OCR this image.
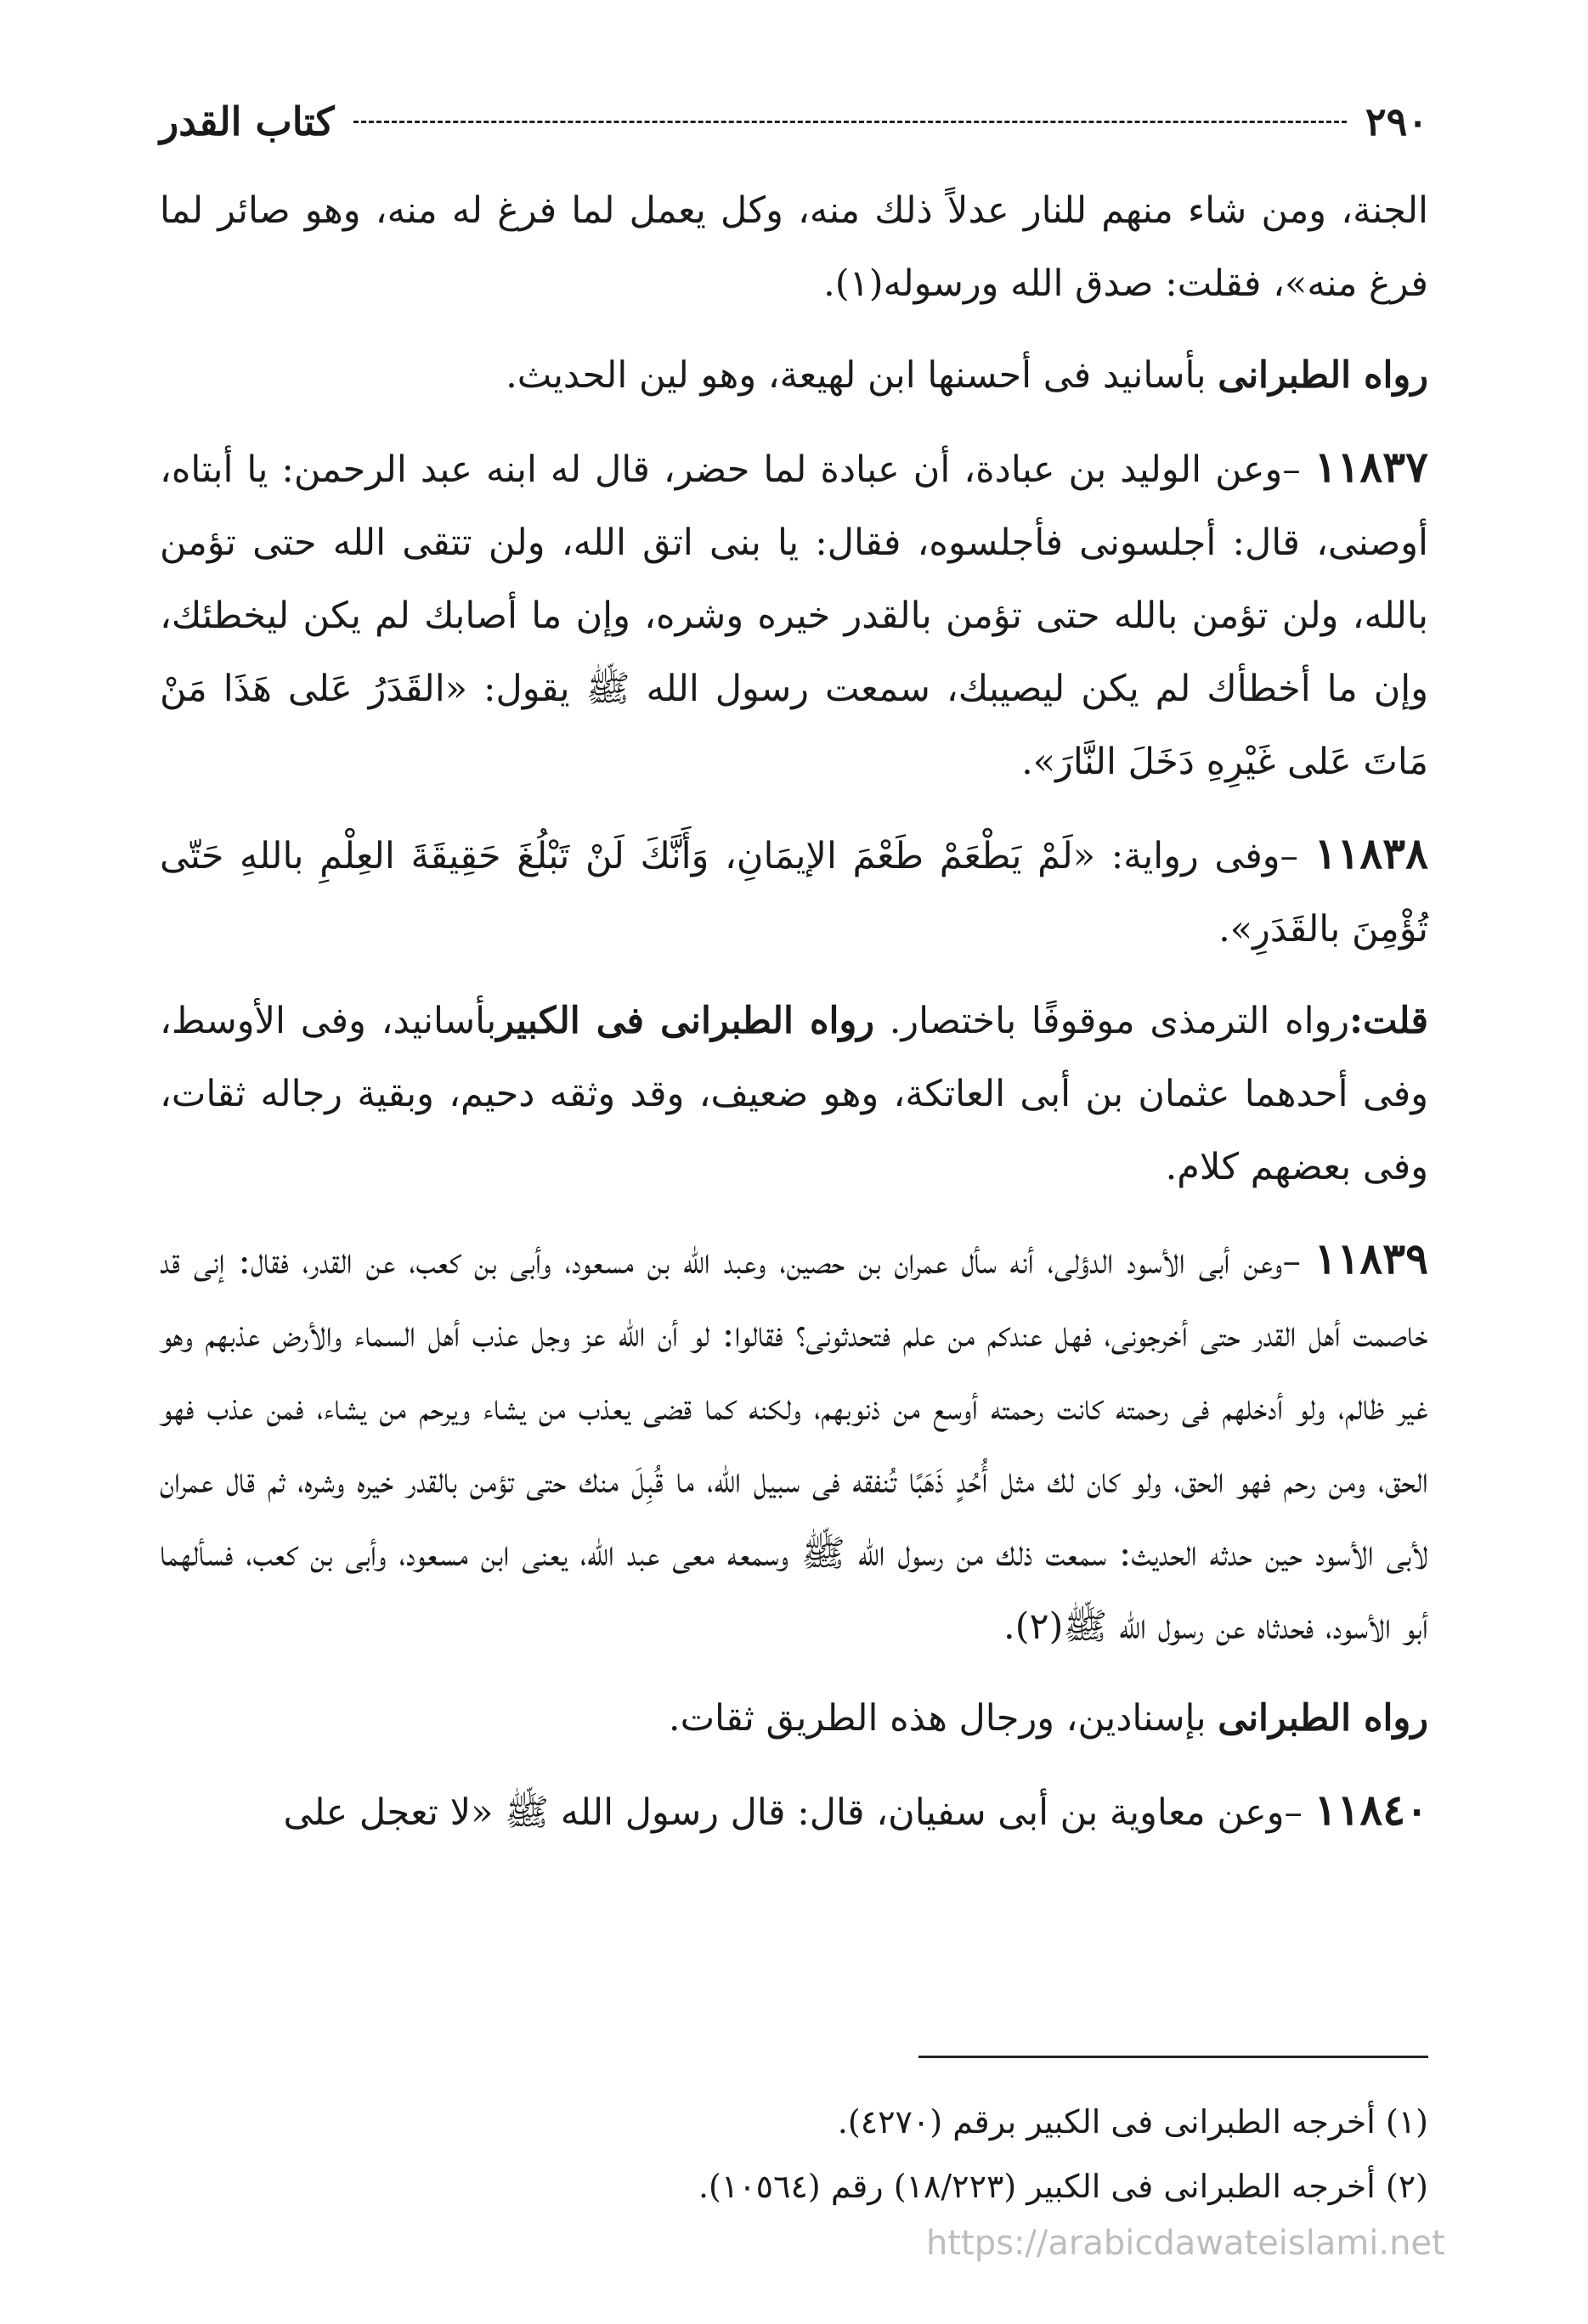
٢٩٠
كتاب القدر

الجنة، ومن شاء منهم للنار عدلاً ذلك منه، وكل يعمل لما فرغ له منه، وهو صائر لما فرغ منه»، فقلت: صدق الله ورسوله(١).

رواه الطبرانى بأسانيد فى أحسنها ابن لهيعة، وهو لين الحديث.

١١٨٣٧ –وعن الوليد بن عبادة، أن عبادة لما حضر، قال له ابنه عبد الرحمن: يا أبتاه، أوصنى، قال: أجلسونى فأجلسوه، فقال: يا بنى اتق الله، ولن تتقى الله حتى تؤمن بالله، ولن تؤمن بالله حتى تؤمن بالقدر خيره وشره، وإن ما أصابك لم يكن ليخطئك، وإن ما أخطأك لم يكن ليصيبك، سمعت رسول الله ﷺ يقول: «القَدَرُ عَلى هَذَا مَنْ مَاتَ عَلى غَيْرِهِ دَخَلَ النَّارَ».

١١٨٣٨ –وفى رواية: «لَمْ يَطْعَمْ طَعْمَ الإيمَانِ، وَأَنَّكَ لَنْ تَبْلُغَ حَقِيقَةَ العِلْمِ باللهِ حَتّى تُؤْمِنَ بالقَدَرِ».

قلت:رواه الترمذى موقوفًا باختصار. رواه الطبرانى فى الكبيربأسانيد، وفى الأوسط، وفى أحدهما عثمان بن أبى العاتكة، وهو ضعيف، وقد وثقه دحيم، وبقية رجاله ثقات، وفى بعضهم كلام.

١١٨٣٩ –وعن أبى الأسود الدؤلى، أنه سأل عمران بن حصين، وعبد الله بن مسعود، وأبى بن كعب، عن القدر، فقال: إنى قد خاصمت أهل القدر حتى أخرجونى، فهل عندكم من علم فتحدثونى؟ فقالوا: لو أن الله عز وجل عذب أهل السماء والأرض عذبهم وهو غير ظالم، ولو أدخلهم فى رحمته كانت رحمته أوسع من ذنوبهم، ولكنه كما قضى يعذب من يشاء ويرحم من يشاء، فمن عذب فهو الحق، ومن رحم فهو الحق، ولو كان لك مثل أُحُدٍ ذَهَبًا تُنفقه فى سبيل الله، ما قُبِلَ منك حتى تؤمن بالقدر خيره وشره، ثم قال عمران لأبى الأسود حين حدثه الحديث: سمعت ذلك من رسول الله ﷺ وسمعه معى عبد الله، يعنى ابن مسعود، وأبى بن كعب، فسألهما أبو الأسود، فحدثاه عن رسول الله ﷺ(٢).

رواه الطبرانى بإسنادين، ورجال هذه الطريق ثقات.

١١٨٤٠ –وعن معاوية بن أبى سفيان، قال: قال رسول الله ﷺ «لا تعجل على

(١) أخرجه الطبرانى فى الكبير برقم (٤٢٧٠).
(٢) أخرجه الطبرانى فى الكبير (١٨/٢٢٣) رقم (١٠٥٦٤).
https://arabicdawateislami.net
